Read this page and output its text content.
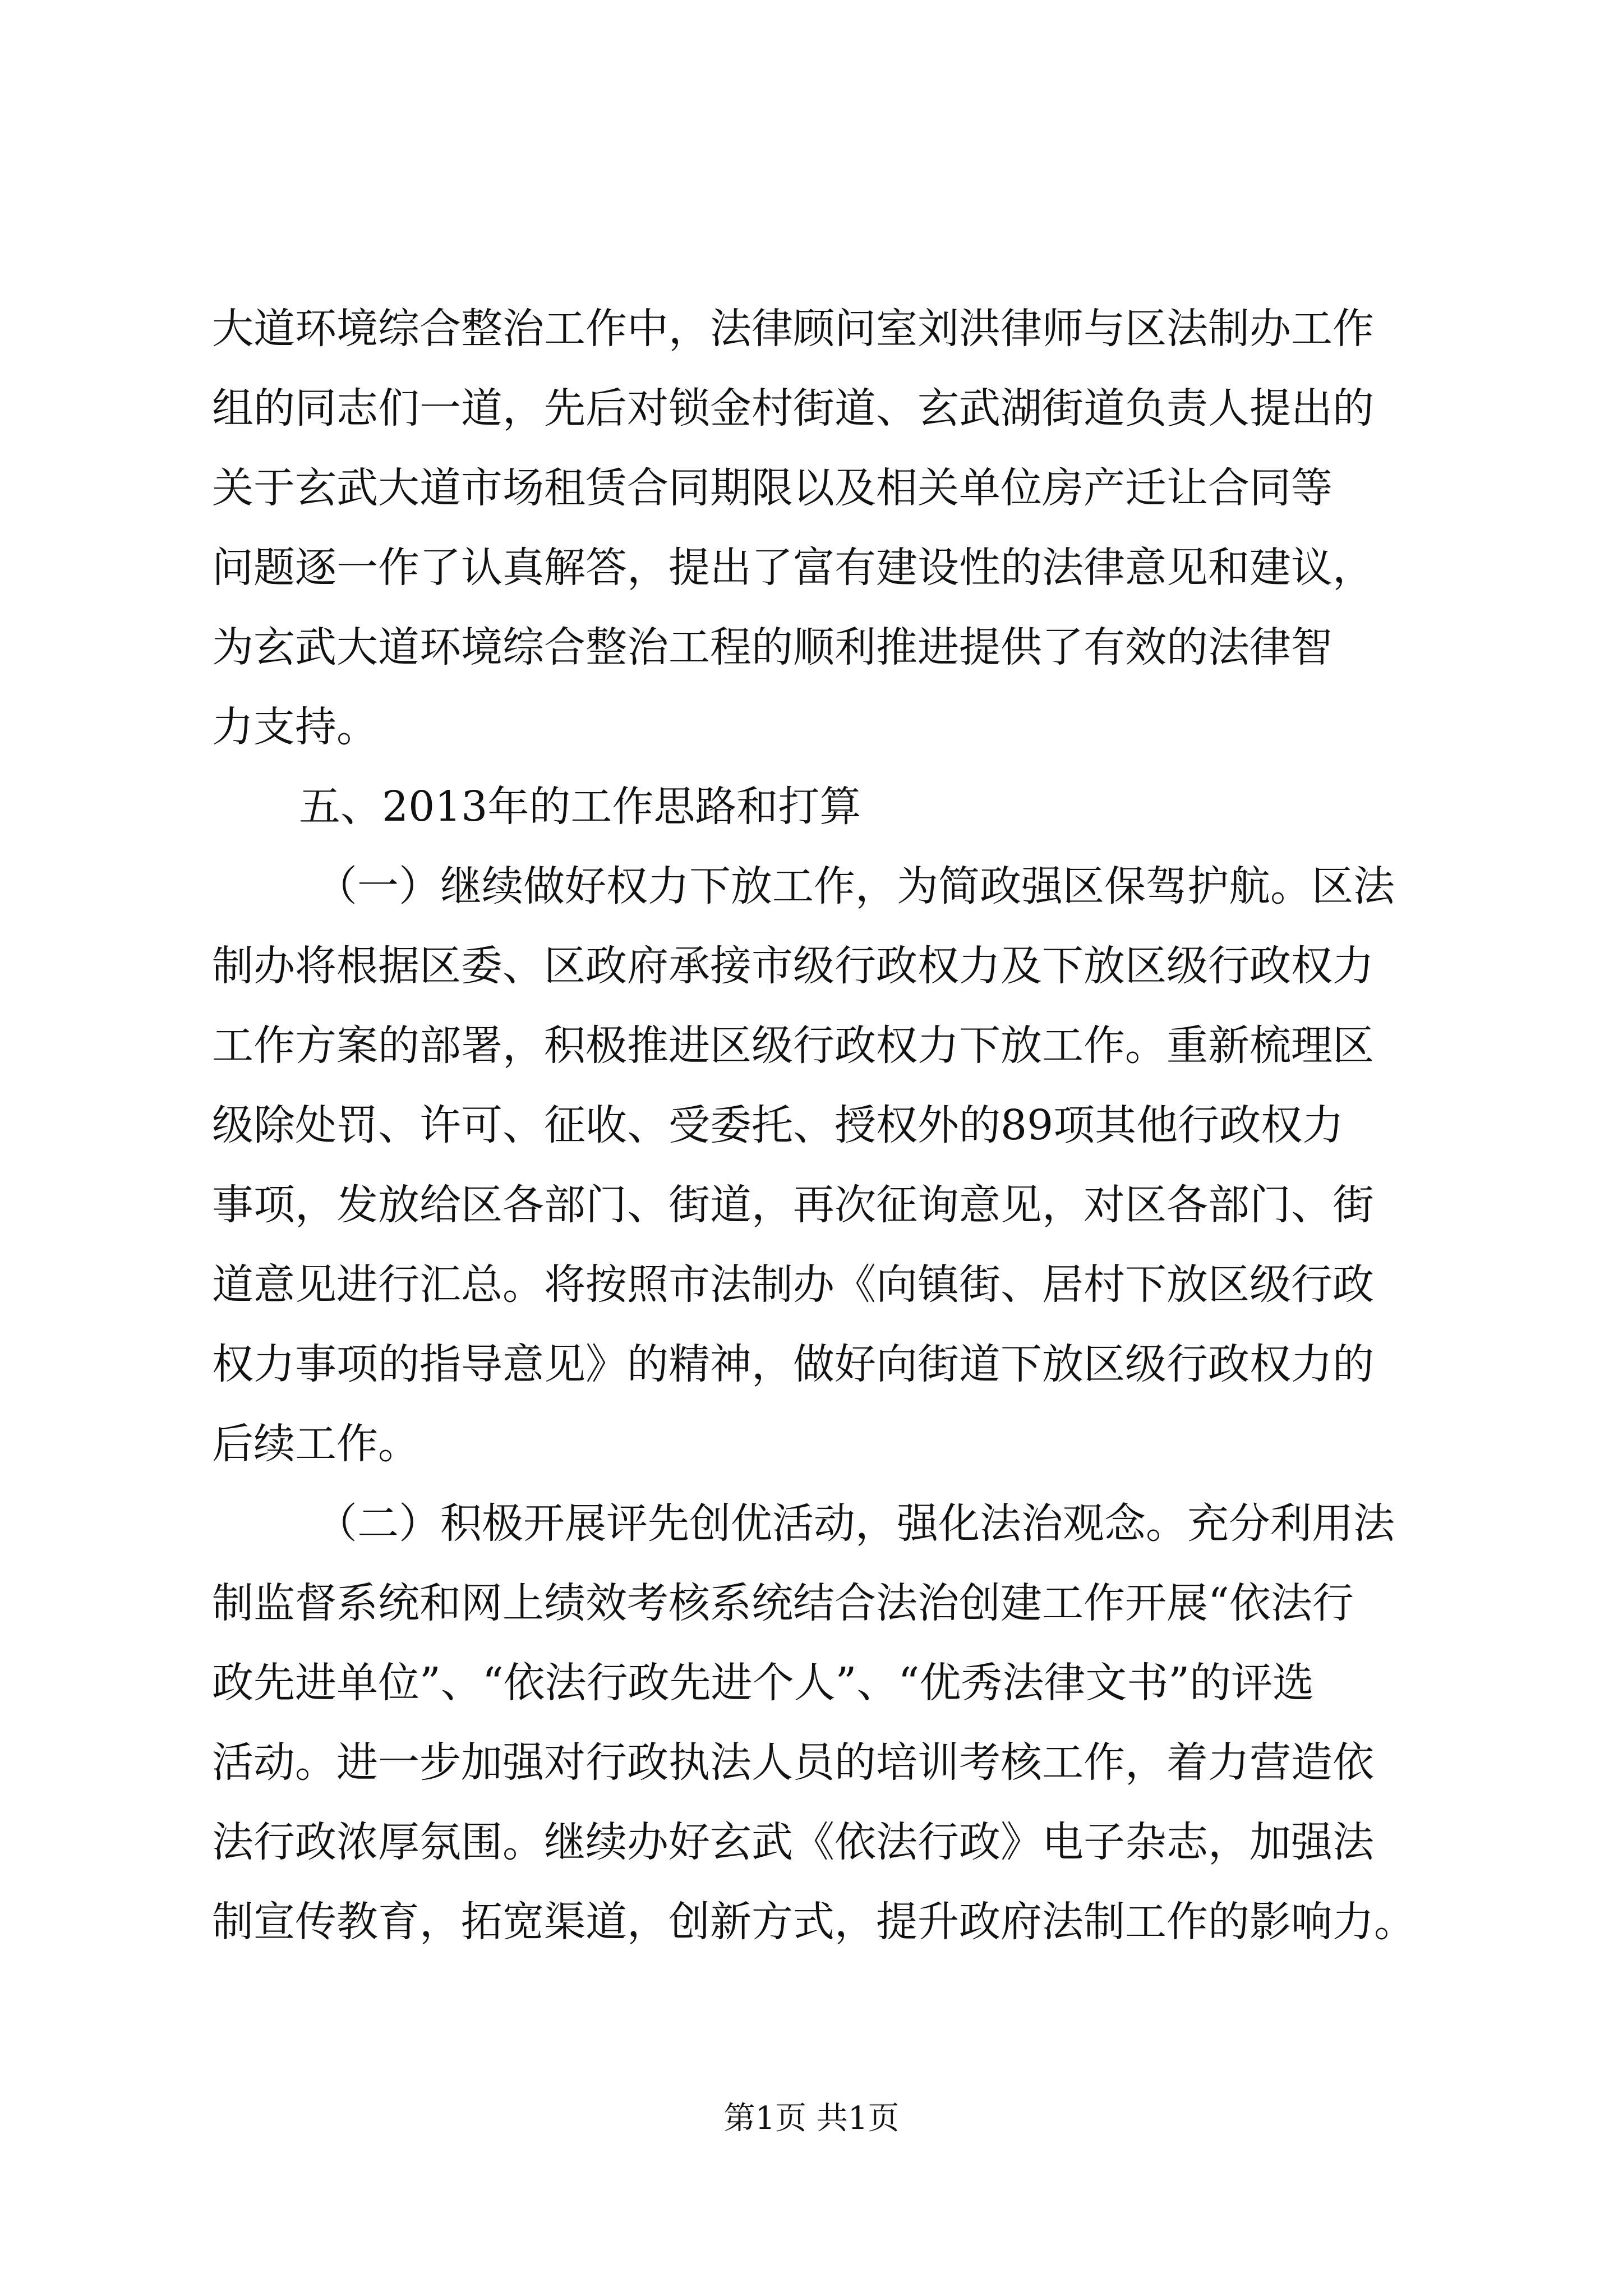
大道环境综合整治工作中，法律顾问室刘洪律师与区法制办工作
组的同志们一道，先后对锁金村街道、玄武湖街道负责人提出的
关于玄武大道市场租赁合同期限以及相关单位房产迁让合同等
问题逐一作了认真解答，提出了富有建设性的法律意见和建议，
为玄武大道环境综合整治工程的顺利推进提供了有效的法律智
力支持。
五、2013年的工作思路和打算
（一）继续做好权力下放工作，为简政强区保驾护航。区法
制办将根据区委、区政府承接市级行政权力及下放区级行政权力
工作方案的部署，积极推进区级行政权力下放工作。重新梳理区
级除处罚、许可、征收、受委托、授权外的89项其他行政权力
事项，发放给区各部门、街道，再次征询意见，对区各部门、街
道意见进行汇总。将按照市法制办《向镇街、居村下放区级行政
权力事项的指导意见》的精神，做好向街道下放区级行政权力的
后续工作。
（二）积极开展评先创优活动，强化法治观念。充分利用法
制监督系统和网上绩效考核系统结合法治创建工作开展“依法行
政先进单位”、“依法行政先进个人”、“优秀法律文书”的评选
活动。进一步加强对行政执法人员的培训考核工作，着力营造依
法行政浓厚氛围。继续办好玄武《依法行政》电子杂志，加强法
制宣传教育，拓宽渠道，创新方式，提升政府法制工作的影响力。
第1页 共1页
